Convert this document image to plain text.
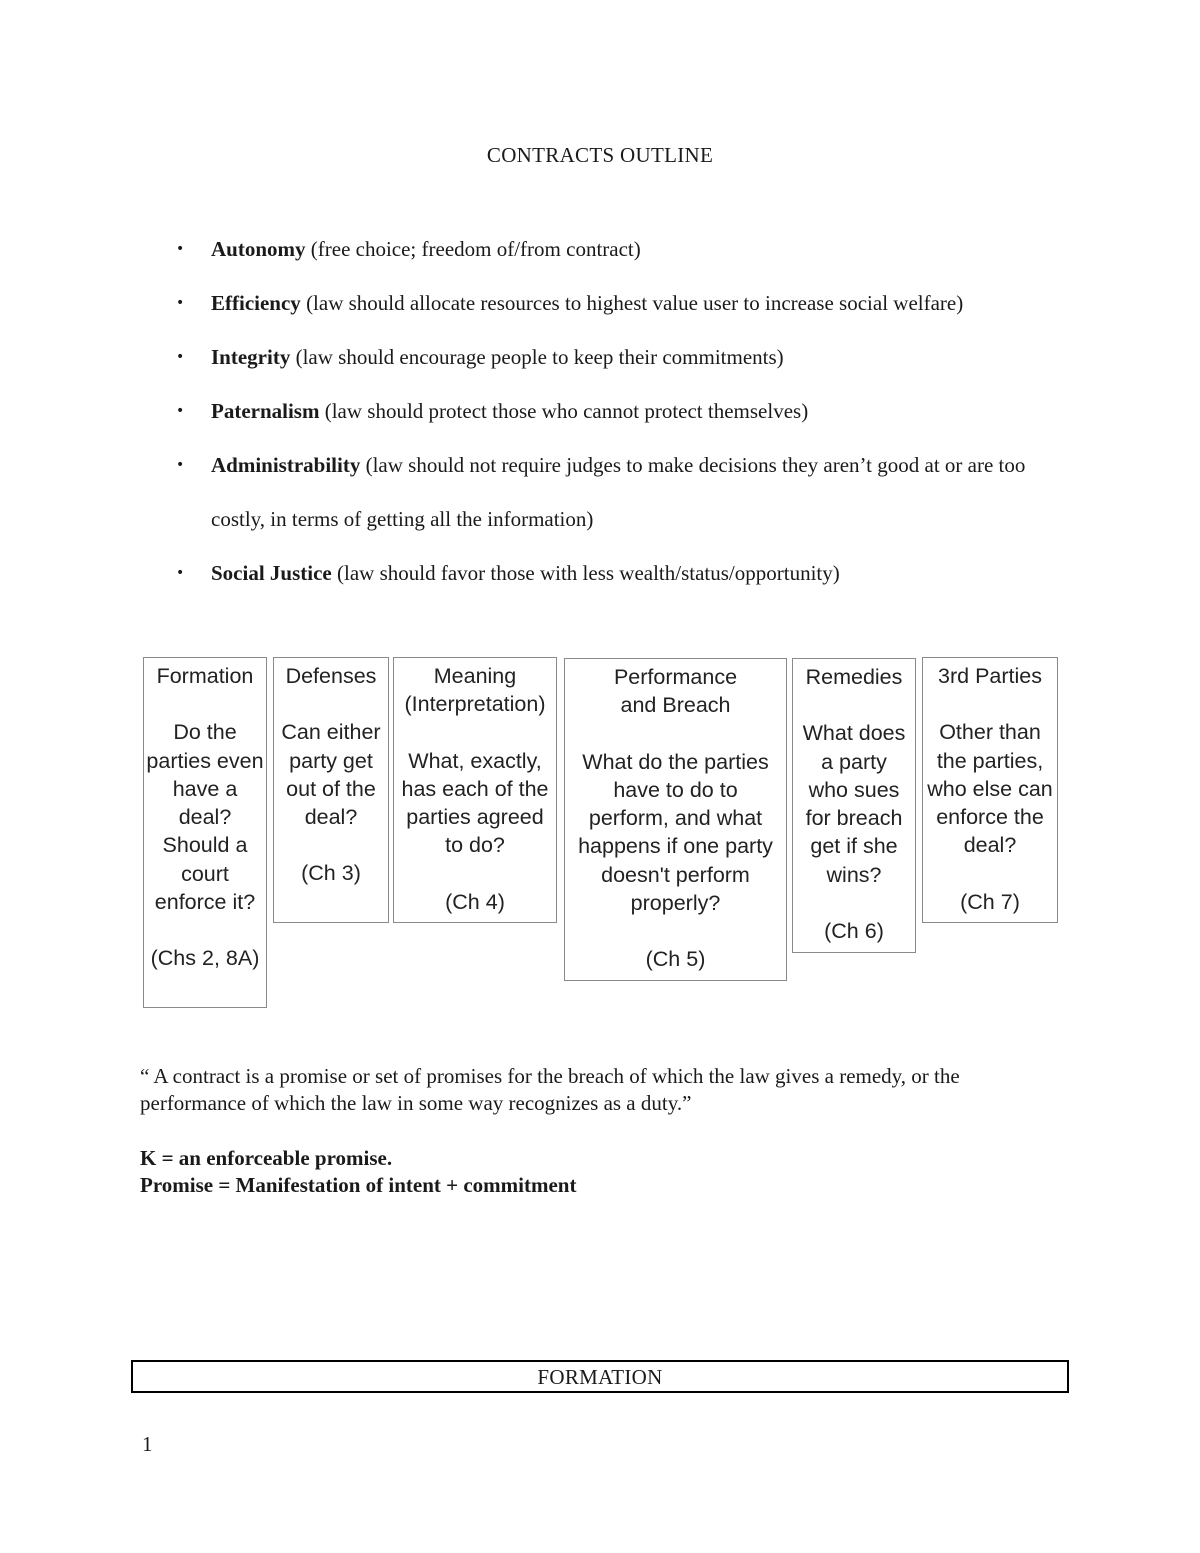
CONTRACTS OUTLINE
• Autonomy (free choice; freedom of/from contract)
• Efficiency (law should allocate resources to highest value user to increase social welfare)
• Integrity (law should encourage people to keep their commitments)
• Paternalism (law should protect those who cannot protect themselves)
• Administrability (law should not require judges to make decisions they aren’t good at or are too costly, in terms of getting all the information)
• Social Justice (law should favor those with less wealth/status/opportunity)
Formation
Do the parties even have a deal? Should a court enforce it?
(Chs 2, 8A)
Defenses
Can either party get out of the deal?
(Ch 3)
Meaning (Interpretation)
What, exactly, has each of the parties agreed to do?
(Ch 4)
Performance and Breach
What do the parties have to do to perform, and what happens if one party doesn't perform properly?
(Ch 5)
Remedies
What does a party who sues for breach get if she wins?
(Ch 6)
3rd Parties
Other than the parties, who else can enforce the deal?
(Ch 7)
“ A contract is a promise or set of promises for the breach of which the law gives a remedy, or the performance of which the law in some way recognizes as a duty.”
K = an enforceable promise.
Promise = Manifestation of intent + commitment
FORMATION
1
